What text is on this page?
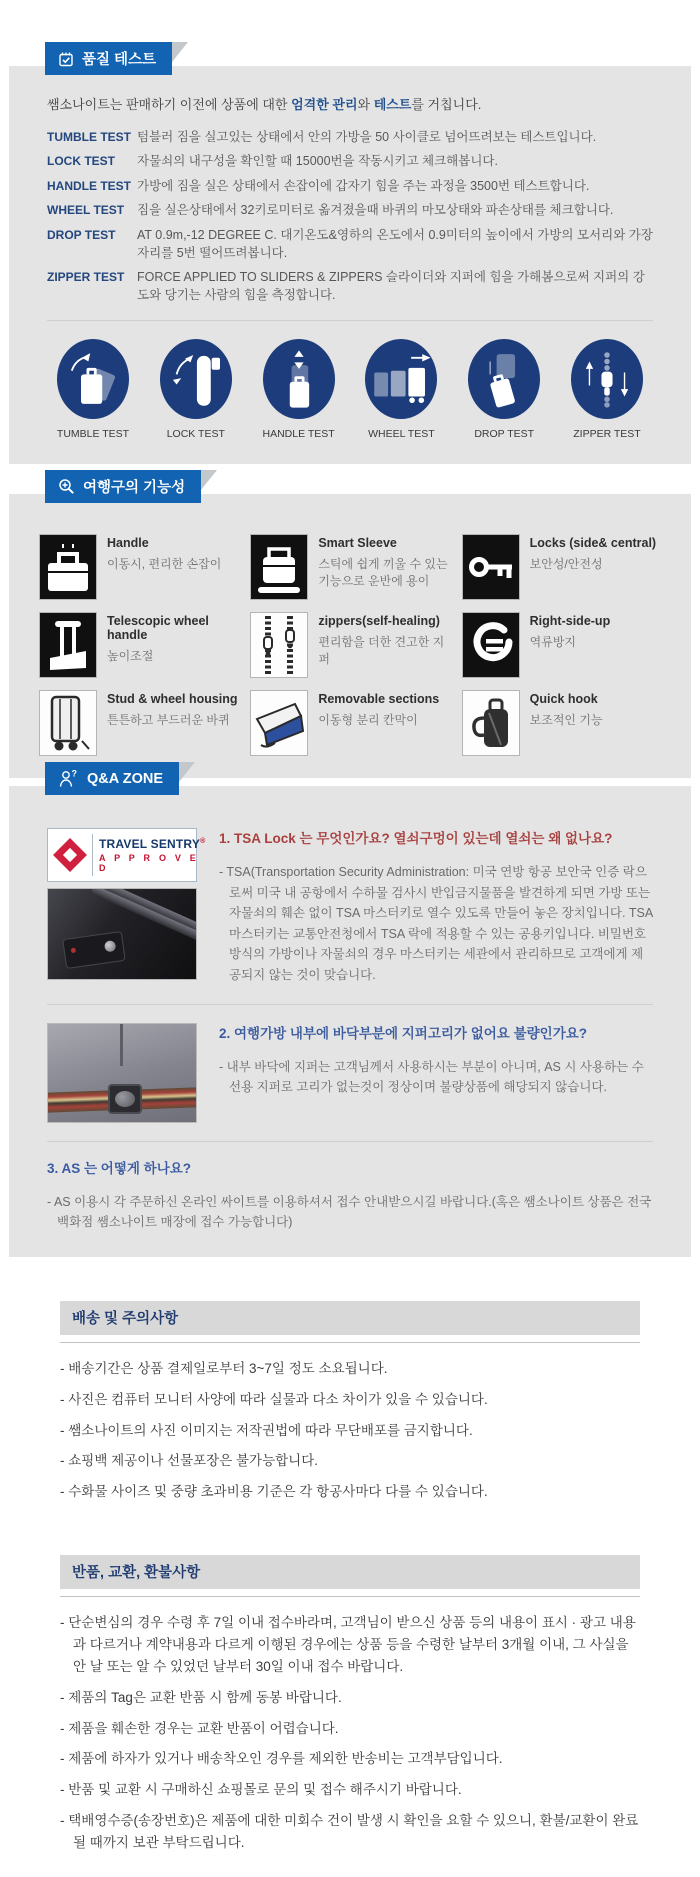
품질 테스트

쌤소나이트는 판매하기 이전에 상품에 대한 엄격한 관리와 테스트를 거칩니다.

TUMBLE TEST 텀블러 짐을 실고있는 상태에서 안의 가방을 50 사이클로 넘어뜨려보는 테스트입니다.
LOCK TEST	자물쇠의 내구성을 확인할 때 15000번을 작동시키고 체크해봅니다.
HANDLE TEST 가방에 짐을 실은 상태에서 손잡이에 갑자기 힘을 주는 과정을 3500번 테스트합니다.
WHEEL TEST	짐을 실은상태에서 32키로미터로 옮겨졌을때 바퀴의 마모상태와 파손상태를 체크합니다.
DROP TEST	AT 0.9m,-12 DEGREE C. 대기온도&영하의 온도에서 0.9미터의 높이에서 가방의 모서리와 가장자리를 5번 떨어뜨려봅니다.
ZIPPER TEST	FORCE APPLIED TO SLIDERS & ZIPPERS 슬라이더와 지퍼에 힘을 가해봄으로써 지퍼의 강도와 당기는 사람의 힘을 측정합니다.
TUMBLE TEST	LOCK TEST	HANDLE TEST	WHEEL TEST	DROP TEST	ZIPPER TEST
여행구의 기능성
Handle
이동시, 편리한 손잡이
Smart Sleeve
스틱에 쉽게 끼울 수 있는 기능으로 운반에 용이
Locks (side& central)
보안성/안전성
Telescopic wheel handle
높이조절
zippers(self-healing)
편리함을 더한 견고한 지퍼
Right-side-up
역류방지
Stud & wheel housing
튼튼하고 부드러운 바퀴
Removable sections
이동형 분리 칸막이
Quick hook
보조적인 기능
? Q&A ZONE
TRAVEL SENTRY®
A P P R O V E D
1. TSA Lock 는 무엇인가요? 열쇠구멍이 있는데 열쇠는 왜 없나요?

- TSA(Transportation Security Administration: 미국 연방 항공 보안국 인증 락으로써 미국 내 공항에서 수하물 검사시 반입금지물품을 발견하게 되면 가방 또는 자물쇠의 훼손 없이 TSA 마스터키로 열수 있도록 만들어 놓은 장치입니다. TSA 마스터키는 교통안전청에서 TSA 락에 적용할 수 있는 공용키입니다. 비밀번호 방식의 가방이나 자물쇠의 경우 마스터키는 세관에서 관리하므로 고객에게 제공되지 않는 것이 맞습니다.

2. 여행가방 내부에 바닥부분에 지퍼고리가 없어요 불량인가요?

- 내부 바닥에 지퍼는 고객님께서 사용하시는 부분이 아니며, AS 시 사용하는 수선용 지퍼로 고리가 없는것이 정상이며 불량상품에 해당되지 않습니다.

3. AS 는 어떻게 하나요?

- AS 이용시 각 주문하신 온라인 싸이트를 이용하셔서 접수 안내받으시길 바랍니다.(혹은 쌤소나이트 상품은 전국 백화점 쌤소나이트 매장에 접수 가능합니다)

배송 및 주의사항
- 배송기간은 상품 결제일로부터 3~7일 정도 소요됩니다.
- 사진은 컴퓨터 모니터 사양에 따라 실물과 다소 차이가 있을 수 있습니다.
- 쌤소나이트의 사진 이미지는 저작권법에 따라 무단배포를 금지합니다.
- 쇼핑백 제공이나 선물포장은 불가능합니다.
- 수화물 사이즈 및 중량 초과비용 기준은 각 항공사마다 다를 수 있습니다.
반품, 교환, 환불사항
- 단순변심의 경우 수령 후 7일 이내 접수바라며, 고객님이 받으신 상품 등의 내용이 표시 · 광고 내용과 다르거나 계약내용과 다르게 이행된 경우에는 상품 등을 수령한 날부터 3개월 이내, 그 사실을 안 날 또는 알 수 있었던 날부터 30일 이내 접수 바랍니다.
- 제품의 Tag은 교환 반품 시 함께 동봉 바랍니다.
- 제품을 훼손한 경우는 교환 반품이 어렵습니다.
- 제품에 하자가 있거나 배송착오인 경우를 제외한 반송비는 고객부담입니다.
- 반품 및 교환 시 구매하신 쇼핑몰로 문의 및 접수 해주시기 바랍니다.
- 택배영수증(송장번호)은 제품에 대한 미회수 건이 발생 시 확인을 요할 수 있으니, 환불/교환이 완료될 때까지 보관 부탁드립니다.
